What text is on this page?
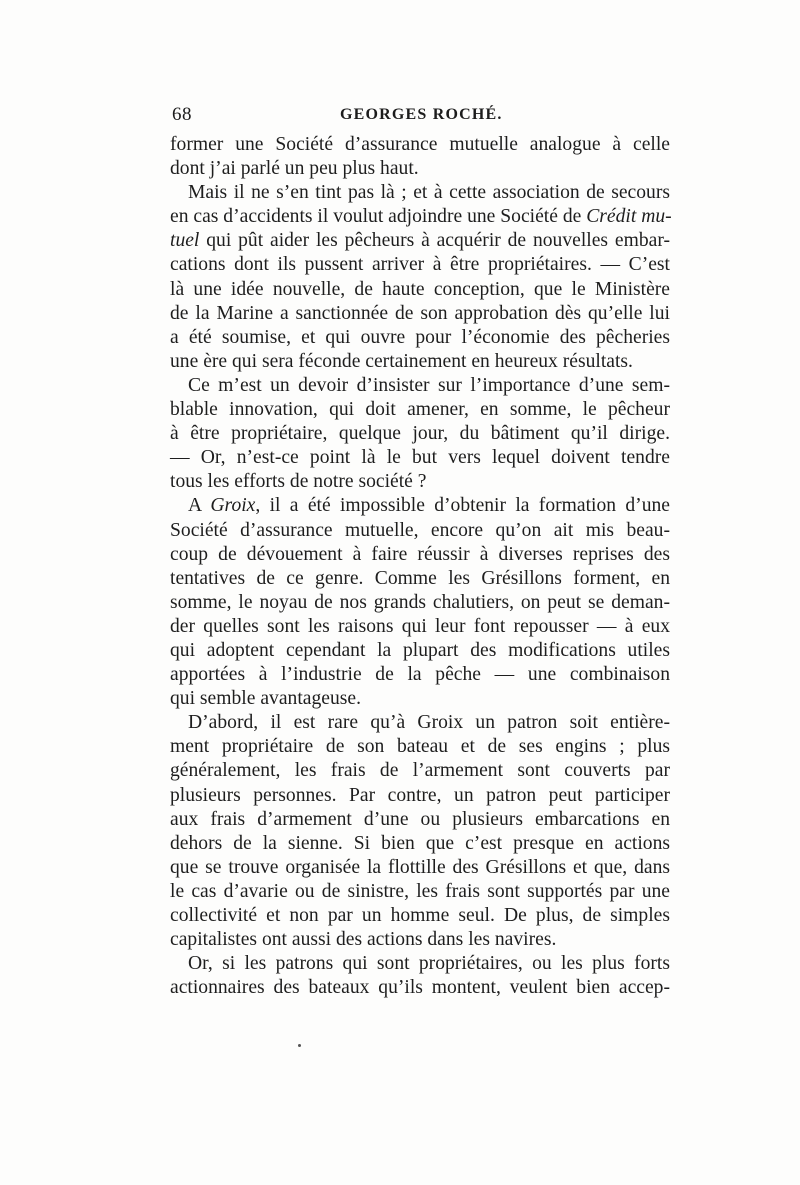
68	GEORGES ROCHÉ.
former une Société d’assurance mutuelle analogue à celle
dont j’ai parlé un peu plus haut.
Mais il ne s’en tint pas là ; et à cette association de secours
en cas d’accidents il voulut adjoindre une Société de Crédit mu-
tuel qui pût aider les pêcheurs à acquérir de nouvelles embar-
cations dont ils pussent arriver à être propriétaires. — C’est
là une idée nouvelle, de haute conception, que le Ministère
de la Marine a sanctionnée de son approbation dès qu’elle lui
a été soumise, et qui ouvre pour l’économie des pêcheries
une ère qui sera féconde certainement en heureux résultats.
Ce m’est un devoir d’insister sur l’importance d’une sem-
blable innovation, qui doit amener, en somme, le pêcheur
à être propriétaire, quelque jour, du bâtiment qu’il dirige.
— Or, n’est-ce point là le but vers lequel doivent tendre
tous les efforts de notre société ?
A Groix, il a été impossible d’obtenir la formation d’une
Société d’assurance mutuelle, encore qu’on ait mis beau-
coup de dévouement à faire réussir à diverses reprises des
tentatives de ce genre. Comme les Grésillons forment, en
somme, le noyau de nos grands chalutiers, on peut se deman-
der quelles sont les raisons qui leur font repousser — à eux
qui adoptent cependant la plupart des modifications utiles
apportées à l’industrie de la pêche — une combinaison
qui semble avantageuse.
D’abord, il est rare qu’à Groix un patron soit entière-
ment propriétaire de son bateau et de ses engins ; plus
généralement, les frais de l’armement sont couverts par
plusieurs personnes. Par contre, un patron peut participer
aux frais d’armement d’une ou plusieurs embarcations en
dehors de la sienne. Si bien que c’est presque en actions
que se trouve organisée la flottille des Grésillons et que, dans
le cas d’avarie ou de sinistre, les frais sont supportés par une
collectivité et non par un homme seul. De plus, de simples
capitalistes ont aussi des actions dans les navires.
Or, si les patrons qui sont propriétaires, ou les plus forts
actionnaires des bateaux qu’ils montent, veulent bien accep-
